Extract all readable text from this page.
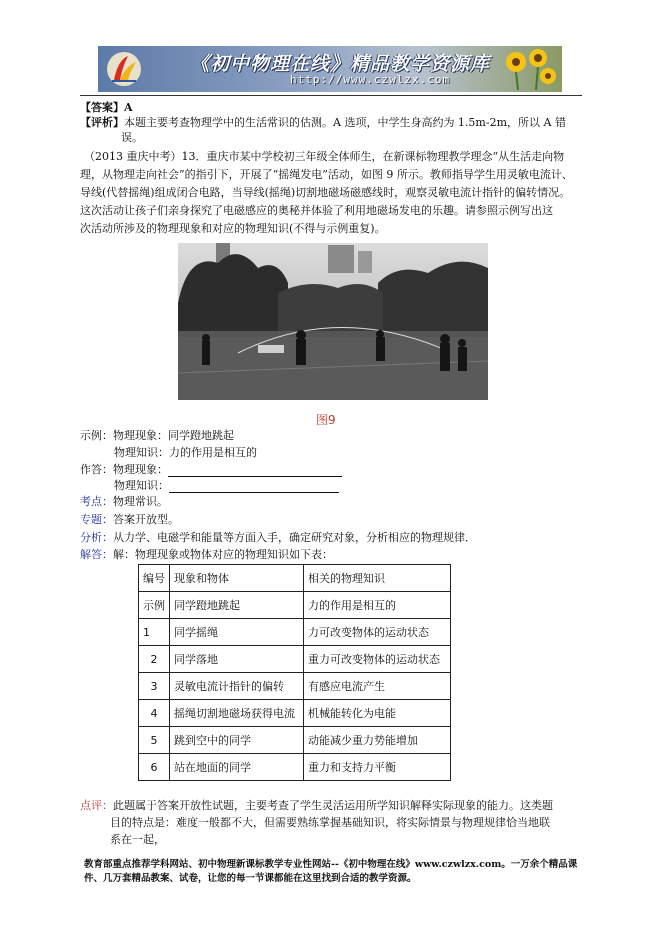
《初中物理在线》精品教学资源库
http://www.czwlzx.com
【答案】A
【评析】本题主要考查物理学中的生活常识的估测。A 选项，中学生身高约为 1.5m-2m，所以 A 错
误。
（2013 重庆中考）13．重庆市某中学校初三年级全体师生，在新课标物理教学理念“从生活走向物
理，从物理走向社会”的指引下，开展了“摇绳发电”活动，如图 9 所示。教师指导学生用灵敏电流计、
导线(代替摇绳)组成闭合电路，当导线(摇绳)切割地磁场磁感线时，观察灵敏电流计指针的偏转情况。
这次活动让孩子们亲身探究了电磁感应的奥秘并体验了利用地磁场发电的乐趣。请参照示例写出这
次活动所涉及的物理现象和对应的物理知识(不得与示例重复)。
图9
示例：物理现象：同学蹬地跳起
物理知识：力的作用是相互的
作答：物理现象：
物理知识：
考点：物理常识。
专题：答案开放型。
分析：从力学、电磁学和能量等方面入手，确定研究对象，分析相应的物理规律．
解答：解：物理现象或物体对应的物理知识如下表：
编号	现象和物体	相关的物理知识
示例	同学蹬地跳起	力的作用是相互的
1	同学摇绳	力可改变物体的运动状态
2	同学落地	重力可改变物体的运动状态
3	灵敏电流计指针的偏转	有感应电流产生
4	摇绳切割地磁场获得电流	机械能转化为电能
5	跳到空中的同学	动能减少重力势能增加
6	站在地面的同学	重力和支持力平衡
点评：此题属于答案开放性试题，主要考查了学生灵活运用所学知识解释实际现象的能力。这类题
目的特点是：难度一般都不大，但需要熟练掌握基础知识，将实际情景与物理规律恰当地联
系在一起，
教育部重点推荐学科网站、初中物理新课标教学专业性网站--《初中物理在线》www.czwlzx.com。一万余个精品课
件、几万套精品教案、试卷，让您的每一节课都能在这里找到合适的教学资源。
